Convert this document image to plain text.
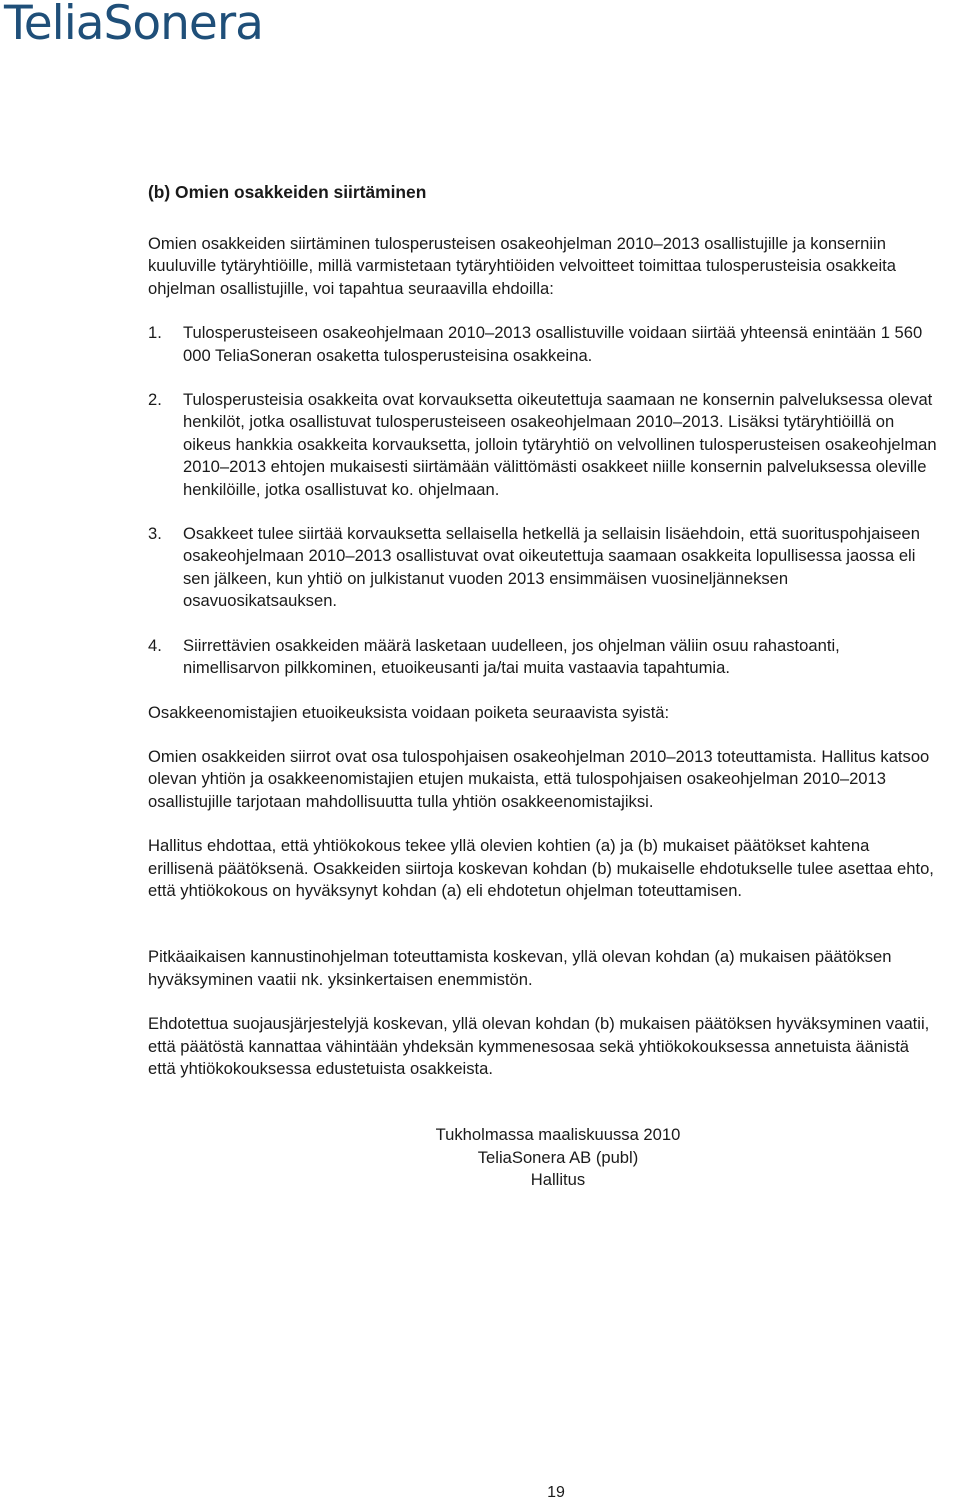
TeliaSonera

(b) Omien osakkeiden siirtäminen

Omien osakkeiden siirtäminen tulosperusteisen osakeohjelman 2010–2013 osallistujille ja konserniin kuuluville tytäryhtiöille, millä varmistetaan tytäryhtiöiden velvoitteet toimittaa tulosperusteisia osakkeita ohjelman osallistujille, voi tapahtua seuraavilla ehdoilla:

1. Tulosperusteiseen osakeohjelmaan 2010–2013 osallistuville voidaan siirtää yhteensä enintään 1 560 000 TeliaSoneran osaketta tulosperusteisina osakkeina.
2. Tulosperusteisia osakkeita ovat korvauksetta oikeutettuja saamaan ne konsernin palveluksessa olevat henkilöt, jotka osallistuvat tulosperusteiseen osakeohjelmaan 2010–2013. Lisäksi tytäryhtiöillä on oikeus hankkia osakkeita korvauksetta, jolloin tytäryhtiö on velvollinen tulosperusteisen osakeohjelman 2010–2013 ehtojen mukaisesti siirtämään välittömästi osakkeet niille konsernin palveluksessa oleville henkilöille, jotka osallistuvat ko. ohjelmaan.
3. Osakkeet tulee siirtää korvauksetta sellaisella hetkellä ja sellaisin lisäehdoin, että suorituspohjaiseen osakeohjelmaan 2010–2013 osallistuvat ovat oikeutettuja saamaan osakkeita lopullisessa jaossa eli sen jälkeen, kun yhtiö on julkistanut vuoden 2013 ensimmäisen vuosineljänneksen osavuosikatsauksen.
4. Siirrettävien osakkeiden määrä lasketaan uudelleen, jos ohjelman väliin osuu rahastoanti, nimellisarvon pilkkominen, etuoikeusanti ja/tai muita vastaavia tapahtumia.

Osakkeenomistajien etuoikeuksista voidaan poiketa seuraavista syistä:

Omien osakkeiden siirrot ovat osa tulospohjaisen osakeohjelman 2010–2013 toteuttamista. Hallitus katsoo olevan yhtiön ja osakkeenomistajien etujen mukaista, että tulospohjaisen osakeohjelman 2010–2013 osallistujille tarjotaan mahdollisuutta tulla yhtiön osakkeenomistajiksi.

Hallitus ehdottaa, että yhtiökokous tekee yllä olevien kohtien (a) ja (b) mukaiset päätökset kahtena erillisenä päätöksenä. Osakkeiden siirtoja koskevan kohdan (b) mukaiselle ehdotukselle tulee asettaa ehto, että yhtiökokous on hyväksynyt kohdan (a) eli ehdotetun ohjelman toteuttamisen.

Pitkäaikaisen kannustinohjelman toteuttamista koskevan, yllä olevan kohdan (a) mukaisen päätöksen hyväksyminen vaatii nk. yksinkertaisen enemmistön.

Ehdotettua suojausjärjestelyjä koskevan, yllä olevan kohdan (b) mukaisen päätöksen hyväksyminen vaatii, että päätöstä kannattaa vähintään yhdeksän kymmenesosaa sekä yhtiökokouksessa annetuista äänistä että yhtiökokouksessa edustetuista osakkeista.

Tukholmassa maaliskuussa 2010
TeliaSonera AB (publ)
Hallitus
19
